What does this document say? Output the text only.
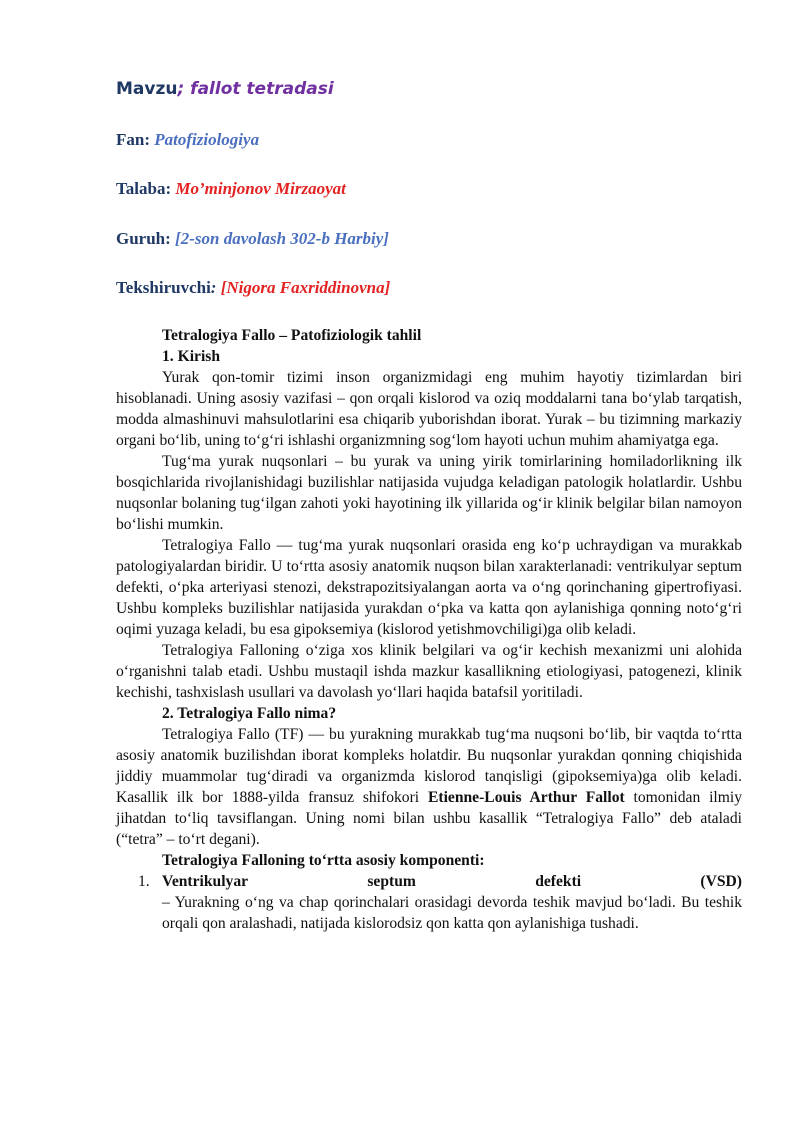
Mavzu; fallot tetradasi
Fan: Patofiziologiya
Talaba: Mo’minjonov Mirzaoyat
Guruh: [2-son davolash 302-b Harbiy]
Tekshiruvchi: [Nigora Faxriddinovna]

Tetralogiya Fallo – Patofiziologik tahlil

1. Kirish

Yurak qon-tomir tizimi inson organizmidagi eng muhim hayotiy tizimlardan biri hisoblanadi. Uning asosiy vazifasi – qon orqali kislorod va oziq moddalarni tana bo‘ylab tarqatish, modda almashinuvi mahsulotlarini esa chiqarib yuborishdan iborat. Yurak – bu tizimning markaziy organi bo‘lib, uning to‘g‘ri ishlashi organizmning sog‘lom hayoti uchun muhim ahamiyatga ega.

Tug‘ma yurak nuqsonlari – bu yurak va uning yirik tomirlarining homiladorlikning ilk bosqichlarida rivojlanishidagi buzilishlar natijasida vujudga keladigan patologik holatlardir. Ushbu nuqsonlar bolaning tug‘ilgan zahoti yoki hayotining ilk yillarida og‘ir klinik belgilar bilan namoyon bo‘lishi mumkin.

Tetralogiya Fallo — tug‘ma yurak nuqsonlari orasida eng ko‘p uchraydigan va murakkab patologiyalardan biridir. U to‘rtta asosiy anatomik nuqson bilan xarakterlanadi: ventrikulyar septum defekti, o‘pka arteriyasi stenozi, dekstrapozitsiyalangan aorta va o‘ng qorinchaning gipertrofiyasi. Ushbu kompleks buzilishlar natijasida yurakdan o‘pka va katta qon aylanishiga qonning noto‘g‘ri oqimi yuzaga keladi, bu esa gipoksemiya (kislorod yetishmovchiligi)ga olib keladi.

Tetralogiya Falloning o‘ziga xos klinik belgilari va og‘ir kechish mexanizmi uni alohida o‘rganishni talab etadi. Ushbu mustaqil ishda mazkur kasallikning etiologiyasi, patogenezi, klinik kechishi, tashxislash usullari va davolash yo‘llari haqida batafsil yoritiladi.

2. Tetralogiya Fallo nima?

Tetralogiya Fallo (TF) — bu yurakning murakkab tug‘ma nuqsoni bo‘lib, bir vaqtda to‘rtta asosiy anatomik buzilishdan iborat kompleks holatdir. Bu nuqsonlar yurakdan qonning chiqishida jiddiy muammolar tug‘diradi va organizmda kislorod tanqisligi (gipoksemiya)ga olib keladi. Kasallik ilk bor 1888-yilda fransuz shifokori Etienne-Louis Arthur Fallot tomonidan ilmiy jihatdan to‘liq tavsiflangan. Uning nomi bilan ushbu kasallik “Tetralogiya Fallo” deb ataladi (“tetra” – to‘rt degani).

Tetralogiya Falloning to‘rtta asosiy komponenti:

1. Ventrikulyar	septum	defekti	(VSD)
– Yurakning o‘ng va chap qorinchalari orasidagi devorda teshik mavjud bo‘ladi. Bu teshik orqali qon aralashadi, natijada kislorodsiz qon katta qon aylanishiga tushadi.
